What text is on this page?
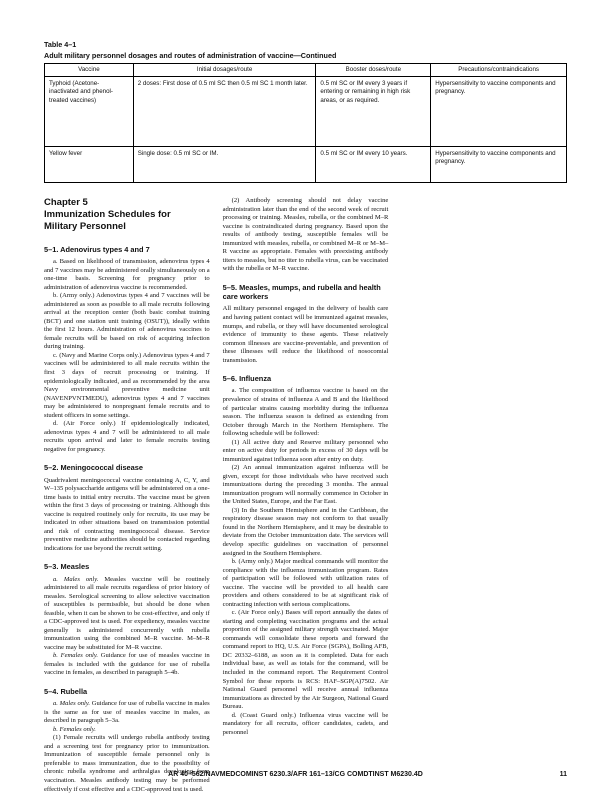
Table 4–1
Adult military personnel dosages and routes of administration of vaccine—Continued
Vaccine	Initial dosages/route	Booster doses/route	Precautions/contraindications
Typhoid (Acetone-inactivated and phenol-treated vaccines)	2 doses: First dose of 0.5 ml SC then 0.5 ml SC 1 month later.	0.5 ml SC or IM every 3 years if entering or remaining in high risk areas, or as required.	Hypersensitivity to vaccine components and pregnancy.
Yellow fever	Single dose: 0.5 ml SC or IM.	0.5 ml SC or IM every 10 years.	Hypersensitivity to vaccine components and pregnancy.
Chapter 5
Immunization Schedules for
Military Personnel
5–1. Adenovirus types 4 and 7

a. Based on likelihood of transmission, adenovirus types 4 and 7 vaccines may be administered orally simultaneously on a one-time basis. Screening for pregnancy prior to administration of adenovirus vaccine is recommended.

b. (Army only.) Adenovirus types 4 and 7 vaccines will be administered as soon as possible to all male recruits following arrival at the reception center (both basic combat training (BCT) and one station unit training (OSUT)), ideally within the first 12 hours. Administration of adenovirus vaccines to female recruits will be based on risk of acquiring infection during training.

c. (Navy and Marine Corps only.) Adenovirus types 4 and 7 vaccines will be administered to all male recruits within the first 3 days of recruit processing or training. If epidemiologically indicated, and as recommended by the area Navy environmental preventive medicine unit (NAVENPVNTMEDU), adenovirus types 4 and 7 vaccines may be administered to nonpregnant female recruits and to student officers in some settings.

d. (Air Force only.) If epidemiologically indicated, adenovirus types 4 and 7 will be administered to all male recruits upon arrival and later to female recruits testing negative for pregnancy.

5–2. Meningococcal disease

Quadrivalent meningococcal vaccine containing A, C, Y, and W–135 polysaccharide antigens will be administered on a one-time basis to initial entry recruits. The vaccine must be given within the first 3 days of processing or training. Although this vaccine is required routinely only for recruits, its use may be indicated in other situations based on transmission potential and risk of contracting meningococcal disease. Service preventive medicine authorities should be contacted regarding indications for use beyond the recruit setting.

5–3. Measles

a. Males only. Measles vaccine will be routinely administered to all male recruits regardless of prior history of measles. Serological screening to allow selective vaccination of susceptibles is permissible, but should be done when feasible, when it can be shown to be cost-effective, and only if a CDC-approved test is used. For expediency, measles vaccine generally is administered concurrently with rubella immunization using the combined M–R vaccine. M–M–R vaccine may be substituted for M–R vaccine.

b. Females only. Guidance for use of measles vaccine in females is included with the guidance for use of rubella vaccine in females, as described in paragraph 5–4b.

5–4. Rubella

a. Males only. Guidance for use of rubella vaccine in males is the same as for use of measles vaccine in males, as described in paragraph 5–3a.

b. Females only.

(1) Female recruits will undergo rubella antibody testing and a screening test for pregnancy prior to immunization. Immunization of susceptible female personnel only is preferable to mass immunization, due to the possibility of chronic rubella syndrome and arthralgias developing from vaccination. Measles antibody testing may be performed effectively if cost effective and a CDC-approved test is used.

(2) Antibody screening should not delay vaccine administration later than the end of the second week of recruit processing or training. Measles, rubella, or the combined M–R vaccine is contraindicated during pregnancy. Based upon the results of antibody testing, susceptible females will be immunized with measles, rubella, or combined M–R or M–M–R vaccine as appropriate. Females with preexisting antibody titers to measles, but no titer to rubella virus, can be vaccinated with the rubella or M–R vaccine.

5–5. Measles, mumps, and rubella and health care workers

All military personnel engaged in the delivery of health care and having patient contact will be immunized against measles, mumps, and rubella, or they will have documented serological evidence of immunity to these agents. These relatively common illnesses are vaccine-preventable, and prevention of these illnesses will reduce the likelihood of nosocomial transmission.

5–6. Influenza

a. The composition of influenza vaccine is based on the prevalence of strains of influenza A and B and the likelihood of particular strains causing morbidity during the influenza season. The influenza season is defined as extending from October through March in the Northern Hemisphere. The following schedule will be followed:

(1) All active duty and Reserve military personnel who enter on active duty for periods in excess of 30 days will be immunized against influenza soon after entry on duty.

(2) An annual immunization against influenza will be given, except for those individuals who have received such immunizations during the preceding 3 months. The annual immunization program will normally commence in October in the United States, Europe, and the Far East.

(3) In the Southern Hemisphere and in the Caribbean, the respiratory disease season may not conform to that usually found in the Northern Hemisphere, and it may be desirable to deviate from the October immunization date. The services will develop specific guidelines on vaccination of personnel assigned in the Southern Hemisphere.

b. (Army only.) Major medical commands will monitor the compliance with the influenza immunization program. Rates of participation will be followed with utilization rates of vaccine. The vaccine will be provided to all health care providers and others considered to be at significant risk of contracting infection with serious complications.

c. (Air Force only.) Bases will report annually the dates of starting and completing vaccination programs and the actual proportion of the assigned military strength vaccinated. Major commands will consolidate these reports and forward the command report to HQ, U.S. Air Force (SGPA), Bolling AFB, DC 20332–6188, as soon as it is completed. Data for each individual base, as well as totals for the command, will be included in the command report. The Requirement Control Symbol for these reports is RCS: HAF–SGP(A)7502. Air National Guard personnel will receive annual influenza immunizations as directed by the Air Surgeon, National Guard Bureau.

d. (Coast Guard only.) Influenza virus vaccine will be mandatory for all recruits, officer candidates, cadets, and personnel

AR 40–562/NAVMEDCOMINST 6230.3/AFR 161–13/CG COMDTINST M6230.4D	11
